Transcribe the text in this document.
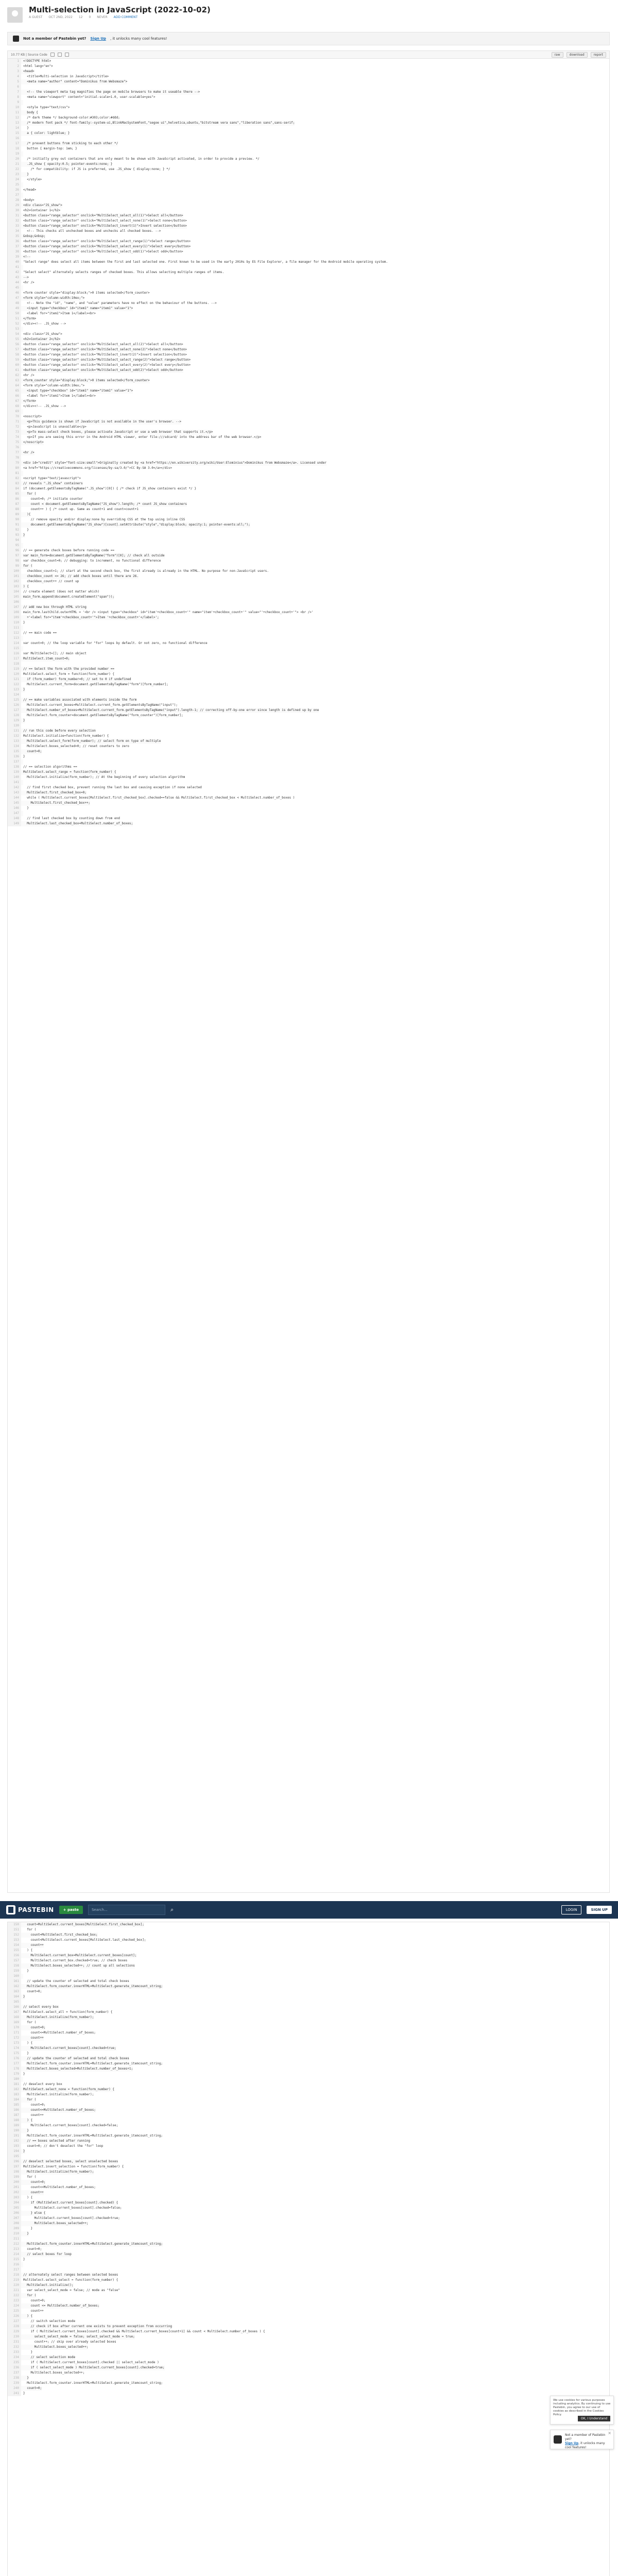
Multi-selection in JavaScript (2022-10-02)
A GUEST OCT 2ND, 2022 12 0 NEVER ADD COMMENT
Not a member of Pastebin yet? Sign Up , it unlocks many cool features!
10.77 KB | Source Code	raw	download	report
1	<!DOCTYPE html>
2	<html lang="en">
3	<head>
4	<title>Multi-selection in JavaScript</title>
5	<meta name="author" content="Dominikus from Websmaze">
6
7	<!-- the viewport meta tag magnifies the page on mobile browsers to make it useable there -->
8	<meta name="viewport" content="initial-scale=1.0, user-scalable=yes">
9
10	<style type="text/css">
11	body {
12	/* dark theme */ background-color:#303;color:#ddd;
13	/* modern font pack */ font-family:-system-ui,BlinkMacSystemFont,"segoe ui",helvetica,ubuntu,"bitstream vera sans","liberation sans",sans-serif;
14	}
15	a { color: lightblue; }
16
17	/* prevent buttons from sticking to each other */
18	button { margin-top: 1em; }
19
20	/* initially grey out containers that are only meant to be shown with JavaScript activated, in order to provide a preview. */
21	.JS_show { opacity:0.5; pointer-events:none; }
22	/* for compatibility: if JS is preferred, use .JS_show { display:none; } */
23	}
24	</style>
25
26	</head>
27
28	<body>
29	<div class="JS_show">
30	<h2>Container 1</h2>
31	<button class="range_selector" onclick="MultiSelect_select_all(1)">Select all</button>
32	<button class="range_selector" onclick="MultiSelect_select_none(1)">Select none</button>
33	<button class="range_selector" onclick="MultiSelect_invert(1)">Invert selection</button>
34	<!-- This checks all unchecked boxes and unchecks all checked boxes. -->
35	&nbsp;&nbsp;
36	<button class="range_selector" onclick="MultiSelect_select_range(1)">Select range</button>
37	<button class="range_selector" onclick="MultiSelect_select_every(1)">Select every</button>
38	<button class="range_selector" onclick="MultiSelect_select_odd(1)">Select odd</button>
39	<!--
40	"Select range" does select all items between the first and last selected one. First known to be used in the early 2010s by ES File Explorer, a file manager for the Android mobile operating system.
41
42	"Select select" alternately selects ranges of checked boxes. This allows selecting multiple ranges of items.
43	-->
44	<hr />
45
46	<form counter style="display:block;">0 items selected</form_counter>
47	<form style="column-width:10ex;">
48	<!-- Note the "id", "name", and "value" parameters have no effect on the behaviour of the buttons. -->
49	<input type="checkbox" id="item1" name="item1" value="1">
50	<label for="item1">Item 1</label><br>
51	</form>
52	</div><!-- .JS_show -->
53
54	<div class="JS_show">
55	<h2>Container 2</h2>
56	<button class="range_selector" onclick="MultiSelect_select_all(2)">Select all</button>
57	<button class="range_selector" onclick="MultiSelect_select_none(2)">Select none</button>
58	<button class="range_selector" onclick="MultiSelect_invert(2)">Invert selection</button>
59	<button class="range_selector" onclick="MultiSelect_select_range(2)">Select range</button>
60	<button class="range_selector" onclick="MultiSelect_select_every(2)">Select every</button>
61	<button class="range_selector" onclick="MultiSelect_select_odd(2)">Select odd</button>
62	<hr />
63	<form_counter style="display:block;">0 items selected</form_counter>
64	<form style="column-width:10ex;">
65	<input type="checkbox" id="item1" name="item1" value="1">
66	<label for="item1">Item 1</label><br>
67	</form>
68	</div><!-- .JS_show -->
69
70	<noscript>
71	<p>This guidance is shown if JavaScript is not available in the user's browser. -->
72	<p>JavaScript is unavailable</p>
73	<p>To mass-select check boxes, please activate JavaScript or use a web browser that supports it.</p>
74	<p>If you are seeing this error in the Android HTML viewer, enter file:///sdcard/ into the address bar of the web browser.</p>
75	</noscript>
76
77	<hr />
78
79	<div id="credit" style="font-size:small">Originally created by <a href="https://en.wikiversity.org/wiki/User:Elominius">Dominikus from Websmaze</a>. Licensed under
80	<a href="https://creativecommons.org/licenses/by-sa/3.0/">CC By-SA 3.0</a></div>
81
82	<script type="text/javascript">
83	// reveals ".JS_show" containers
84	if (document.getElementsByTagName(".JS_show")[0]) { /* check if JS_show containers exist */ }
85	for (
86	count=0; /* initiate counter
87	count < document.getElementsByTagName("JS_show").length; /* count JS_show containers
88	count++ ) { /* count up. Same as count+1 and count=count+1
89	){
90	// remove opacity and/or display:none by overriding CSS at the top using inline CSS
91	document.getElementsByTagName("JS_show")[count].setAttribute("style","display:block; opacity:1; pointer-events:all;");
92	}
93	}
94
95
96	// == generate check boxes before running code ==
97	var main_form=document.getElementsByTagName("form")[0]; // check all outside
98	var checkbox_count=0; // debugging: to increment, no functional difference
99	for (
100	checkbox_count=1; // start at the second check box, the first already is already in the HTML. No purpose for non-JavaScript users.
101	checkbox_count <= 26; // add check boxes until there are 26.
102	checkbox_count++ // count up
103	) {
104	// create element (does not matter which)
105	main_form.append(document.createElement("span"));
106
107	// add new box through HTML string
108	main_form.lastChild.outerHTML = '<br /> <input type="checkbox" id="item'+checkbox_count+'" name="item'+checkbox_count+'" value="'+checkbox_count+'"> <br />'
109	+'<label for="item'+checkbox_count+'">Item '+checkbox_count+'</label>';
110	}
111
112	// == main code ==
113
114	var count=0; // the loop variable for "for" loops by default. Or not zero, no functional difference
115
116	var MultiSelect=[]; // main object
117	MultiSelect.item_count=0;
118
119	// == Select the form with the provided number ==
120	MultiSelect.select_form = function(form_number) {
121	if (form_number) form_number=0; // set to 0 if undefined
122	MultiSelect.current_form=document.getElementsByTagName("form")[form_number];
123	}
124
125	// == make variables associated with elements inside the form
126	MultiSelect.current_boxes=MultiSelect.current_form.getElementsByTagName("input");
127	MultiSelect.number_of_boxes=MultiSelect.current_form.getElementsByTagName("input").length-1; // correcting off-by-one error since length is defined up by one
128	MultiSelect.form_counter=document.getElementsByTagName("form_counter")[form_number];
129	}
130
131	// run this code before every selection
132	MultiSelect.initialize=function(form_number) {
133	MultiSelect.select_form(form_number); // select form on type of multiple
134	MultiSelect.boxes_selected=0; // reset counters to zero
135	count=0;
136	}
137
138	// == selection algorithms ==
139	MultiSelect.select_range = function(form_number) {
140	MultiSelect.initialize(form_number); // At the beginning of every selection algorithm
141
142	// find first checked box, prevent running the last box and causing exception if none selected
143	MultiSelect.first_checked_box=0;
144	while ( MultiSelect.current_boxes[MultiSelect.first_checked_box].checked==false && MultiSelect.first_checked_box < MultiSelect.number_of_boxes )
145	MultiSelect.first_checked_box++;
146	}
147
148	// find last checked box by counting down from end
149	MultiSelect.last_checked_box=MultiSelect.number_of_boxes;
PASTEBIN	+ paste	Search...	⌕	LOGIN	SIGN UP
150	count=MultiSelect.current_boxes[MultiSelect.first_checked_box];
151	for (
152	count=MultiSelect.first_checked_box;
153	count<MultiSelect.current_boxes[MultiSelect.last_checked_box];
154	count++
155	) {
156	MultiSelect.current_box=MultiSelect.current_boxes[count];
157	MultiSelect.current_box.checked=true; // check boxes
158	MultiSelect.boxes_selected++; // count up all selections
159	}
160
161	// update the counter of selected and total check boxes
162	MultiSelect.form_counter.innerHTML=MultiSelect.generate_itemcount_string;
163	count=0;
164	}
165
166	// select every box
167	MultiSelect.select_all = function(form_number) {
168	MultiSelect.initialize(form_number);
169	for (
170	count=0;
171	count<=MultiSelect.number_of_boxes;
172	count++
173	) {
174	MultiSelect.current_boxes[count].checked=true;
175	}
176	// update the counter of selected and total check boxes
177	MultiSelect.form_counter.innerHTML=MultiSelect.generate_itemcount_string;
178	MultiSelect.boxes_selected=MultiSelect.number_of_boxes+1;
179	}
180
181	// deselect every box
182	MultiSelect.select_none = function(form_number) {
183	MultiSelect.initialize(form_number);
184	for (
185	count=0;
186	count<=MultiSelect.number_of_boxes;
187	count++
188	) {
189	MultiSelect.current_boxes[count].checked=false;
190	}
191	MultiSelect.form_counter.innerHTML=MultiSelect.generate_itemcount_string;
192	// == boxes selected after running
193	count=0; // don't deselect the "for" loop
194	}
195
196	// deselect selected boxes, select unselected boxes
197	MultiSelect.invert_selection = function(form_number) {
198	MultiSelect.initialize(form_number);
199	for (
200	count=0;
201	count<=MultiSelect.number_of_boxes;
202	count++
203	) {
204	if (MultiSelect.current_boxes[count].checked) {
205	MultiSelect.current_boxes[count].checked=false;
206	} else {
207	MultiSelect.current_boxes[count].checked=true;
208	MultiSelect.boxes_selected++;
209	}
210	}
211
212	MultiSelect.form_counter.innerHTML=MultiSelect.generate_itemcount_string;
213	count=0;
214	// select boxes for loop
215	}
216
217
218	// alternately select ranges between selected boxes
219	MultiSelect.select_select = function(form_number) {
220	MultiSelect.initialize();
221	var select_select_mode = false; // mode as "false"
222	for (
223	count=0;
224	count <= MultiSelect.number_of_boxes;
225	count++
226	) {
227	// switch selection mode
228	// check if box after current one exists to prevent exception from occurring
229	if ( MultiSelect.current_boxes[count].checked && MultiSelect.current_boxes[count+1] && count < MultiSelect.number_of_boxes ) {
230	select_select_mode = false; select_select_mode = true;
231	count++; // skip over already selected boxes
232	MultiSelect.boxes_selected++;
233	}
234	// select selection mode
235	if ( MultiSelect.current_boxes[count].checked || select_select_mode )
236	if ( select_select_mode ) MultiSelect.current_boxes[count].checked=true;
237	MultiSelect.boxes_selected++;
238	}
239	MultiSelect.form_counter.innerHTML=MultiSelect.generate_itemcount_string;
240	count=0;
241	}
We use cookies for various purposes including analytics. By continuing to use Pastebin, you agree to our use of cookies as described in the Cookies Policy.
OK, I Understand
×
Not a member of Pastebin yet?
Sign Up, it unlocks many cool features!
